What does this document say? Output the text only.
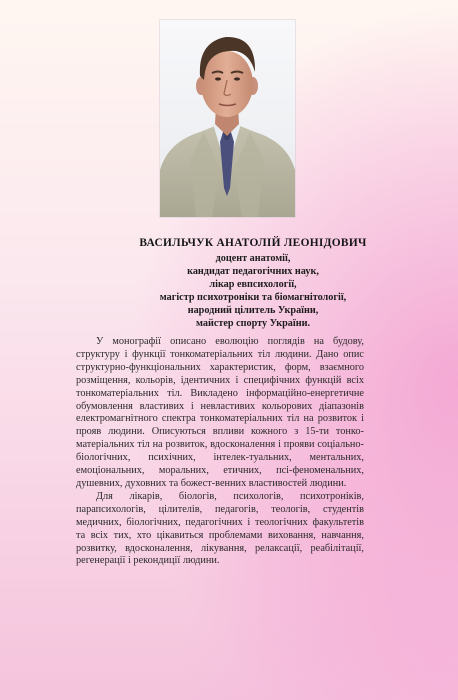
ВАСИЛЬЧУК АНАТОЛІЙ ЛЕОНІДОВИЧ
доцент анатомії,
кандидат педагогічних наук,
лікар евпсихології,
магістр психотроніки та біомагнітології,
народний цілитель України,
майстер спорту України.

У монографії описано еволюцію поглядів на будову, структуру і функції тонкоматеріальних тіл людини. Дано опис структурно-функціональних характеристик, форм, взаємного розміщення, кольорів, ідентичних і специфічних функцій всіх тонкоматеріальних тіл. Викладено інформаційно-енергетичне обумовлення властивих і невластивих кольорових діапазонів електромагнітного спектра тонкоматеріальних тіл на розвиток і прояв людини. Описуються впливи кожного з 15-ти тонко-матеріальних тіл на розвиток, вдосконалення і прояви соціально-біологічних, психічних, інтелек-туальних, ментальних, емоціональних, моральних, етичних, псі-феноменальних, душевних, духовних та божест-венних властивостей людини.

Для лікарів, біологів, психологів, психотроніків, парапсихологів, цілителів, педагогів, теологів, студентів медичних, біологічних, педагогічних і теологічних факультетів та всіх тих, хто цікавиться проблемами виховання, навчання, розвитку, вдосконалення, лікування, релаксації, реабілітації, регенерації і рекондиції людини.
